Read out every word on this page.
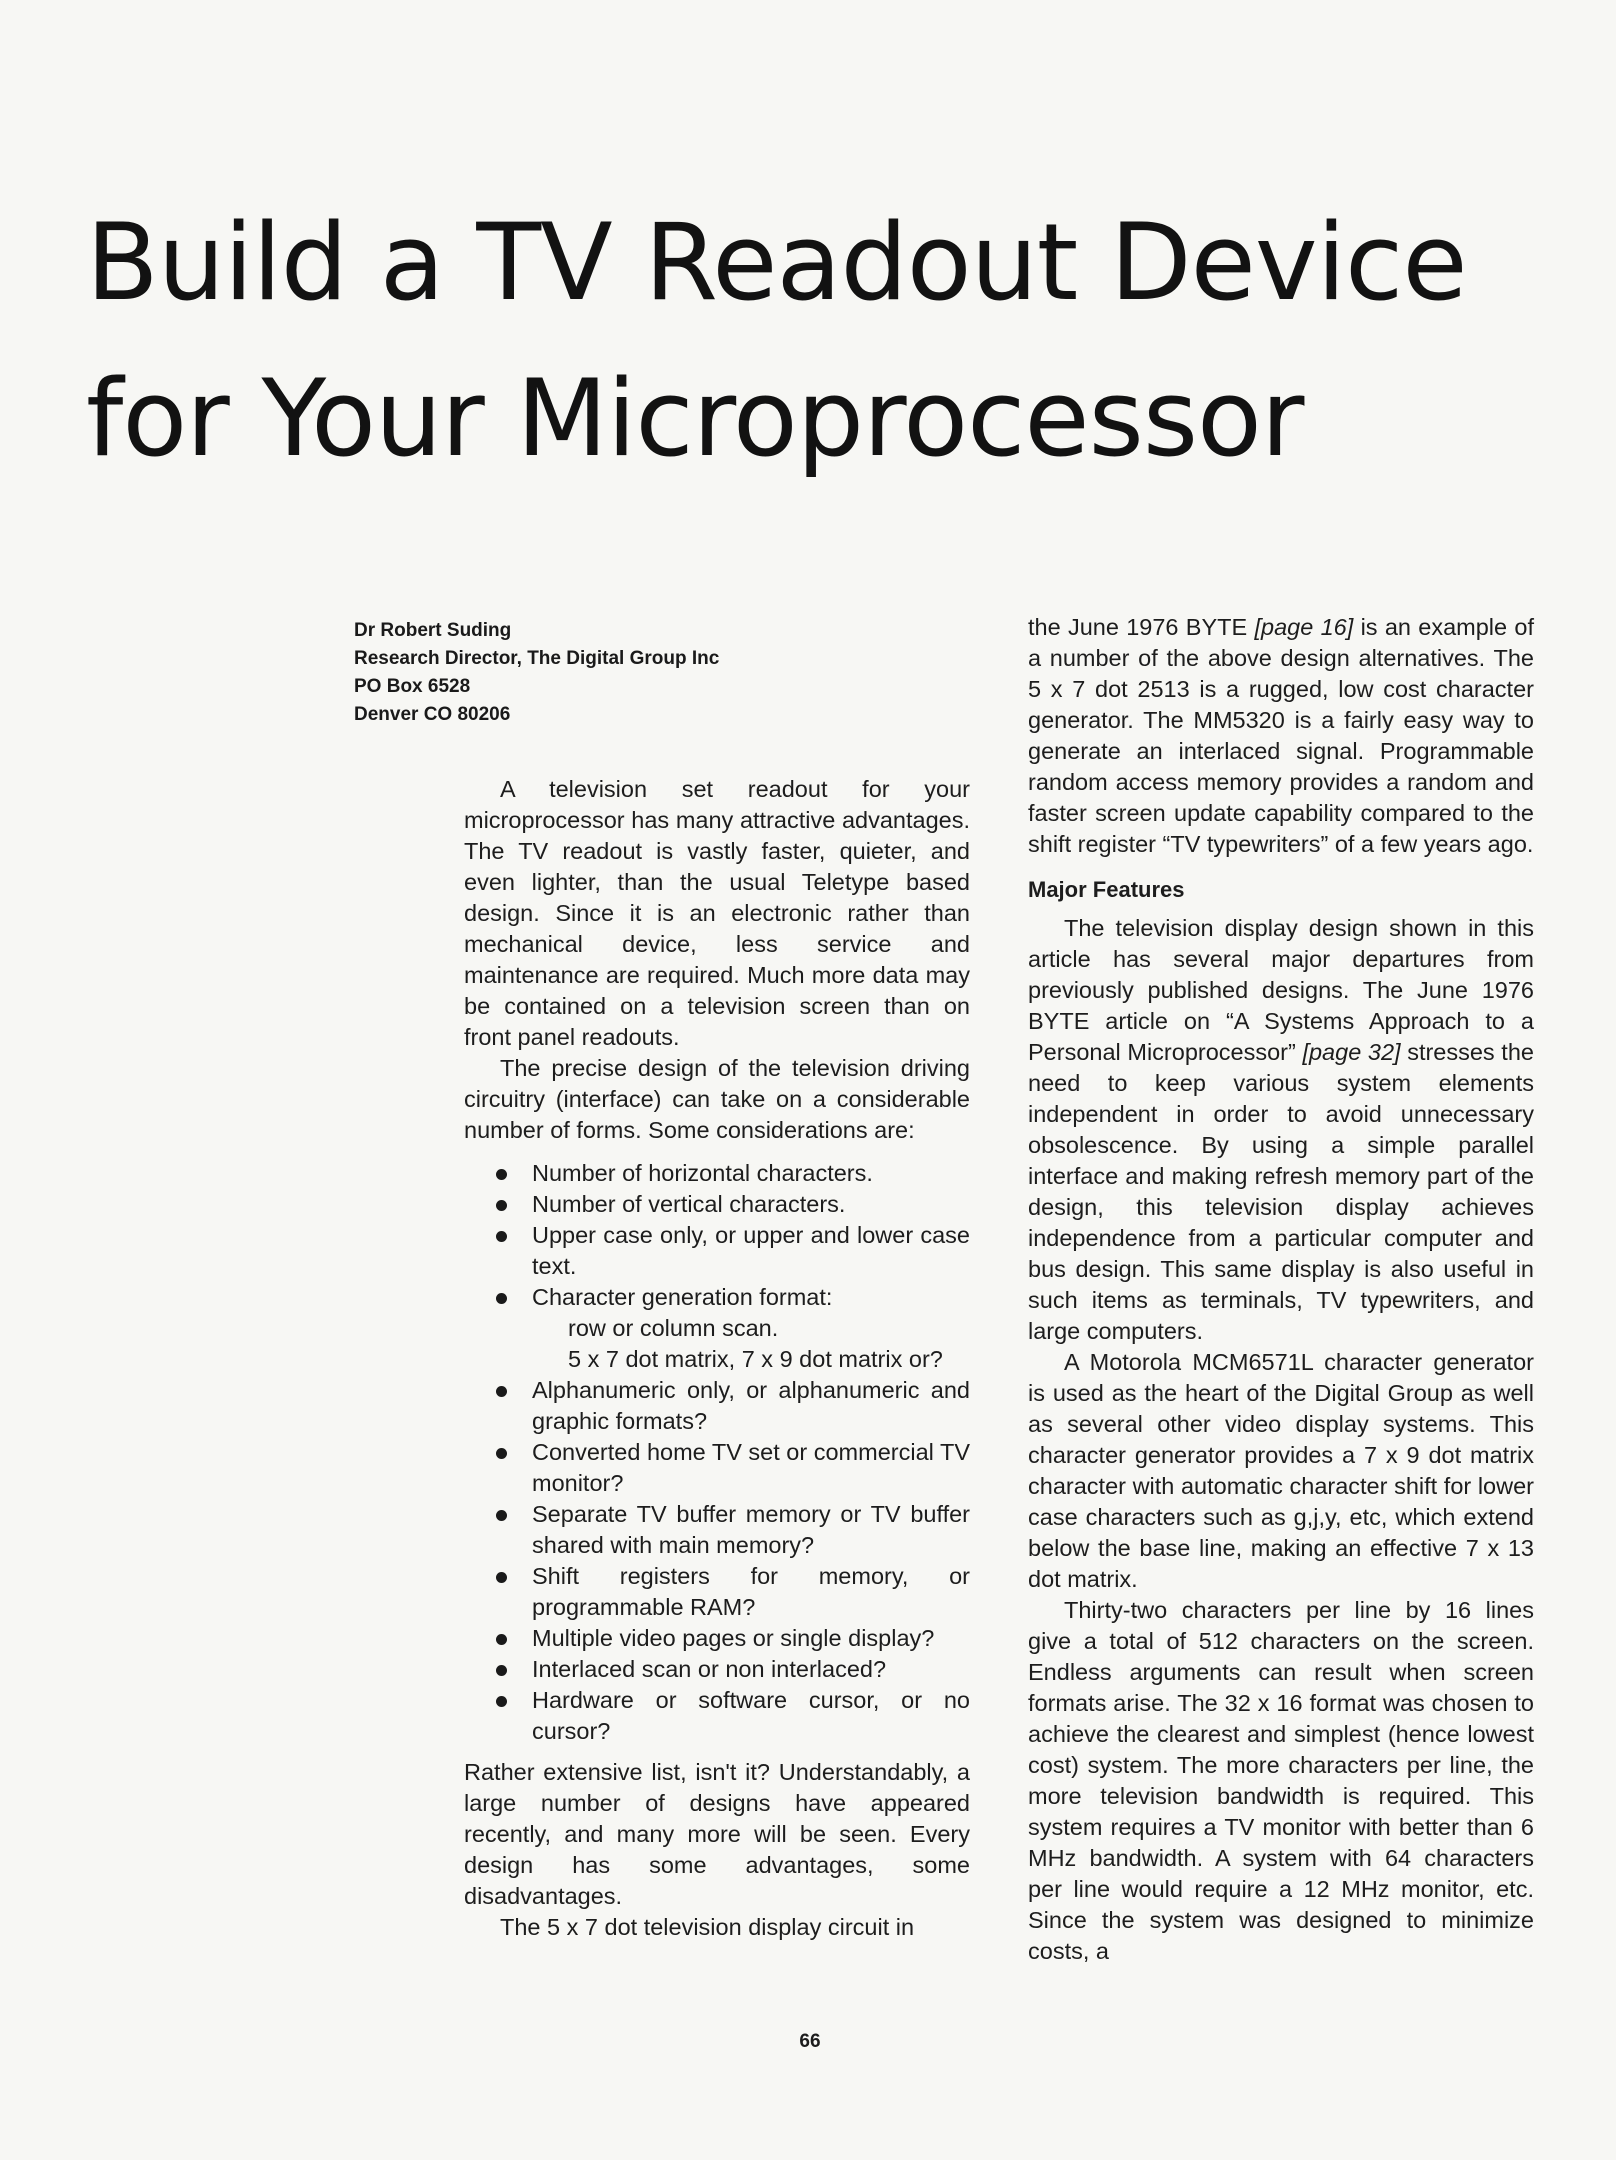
Build a TV Readout Device
for Your Microprocessor
Dr Robert Suding
Research Director, The Digital Group Inc
PO Box 6528
Denver CO 80206

A television set readout for your microprocessor has many attractive advantages. The TV readout is vastly faster, quieter, and even lighter, than the usual Teletype based design. Since it is an electronic rather than mechanical device, less service and maintenance are required. Much more data may be contained on a television screen than on front panel readouts.

The precise design of the television driving circuitry (interface) can take on a considerable number of forms. Some considerations are:

Number of horizontal characters.
Number of vertical characters.
Upper case only, or upper and lower case text.
Character generation format:
row or column scan.
5 x 7 dot matrix, 7 x 9 dot matrix or?
Alphanumeric only, or alphanumeric and graphic formats?
Converted home TV set or commercial TV monitor?
Separate TV buffer memory or TV buffer shared with main memory?
Shift registers for memory, or programmable RAM?
Multiple video pages or single display?
Interlaced scan or non interlaced?
Hardware or software cursor, or no cursor?

Rather extensive list, isn't it? Understandably, a large number of designs have appeared recently, and many more will be seen. Every design has some advantages, some disadvantages.

The 5 x 7 dot television display circuit in

the June 1976 BYTE [page 16] is an example of a number of the above design alternatives. The 5 x 7 dot 2513 is a rugged, low cost character generator. The MM5320 is a fairly easy way to generate an interlaced signal. Programmable random access memory provides a random and faster screen update capability compared to the shift register “TV typewriters” of a few years ago.

Major Features

The television display design shown in this article has several major departures from previously published designs. The June 1976 BYTE article on “A Systems Approach to a Personal Microprocessor” [page 32] stresses the need to keep various system elements independent in order to avoid unnecessary obsolescence. By using a simple parallel interface and making refresh memory part of the design, this television display achieves independence from a particular computer and bus design. This same display is also useful in such items as terminals, TV typewriters, and large computers.

A Motorola MCM6571L character generator is used as the heart of the Digital Group as well as several other video display systems. This character generator provides a 7 x 9 dot matrix character with automatic character shift for lower case characters such as g,j,y, etc, which extend below the base line, making an effective 7 x 13 dot matrix.

Thirty-two characters per line by 16 lines give a total of 512 characters on the screen. Endless arguments can result when screen formats arise. The 32 x 16 format was chosen to achieve the clearest and simplest (hence lowest cost) system. The more characters per line, the more television bandwidth is required. This system requires a TV monitor with better than 6 MHz bandwidth. A system with 64 characters per line would require a 12 MHz monitor, etc. Since the system was designed to minimize costs, a

66
